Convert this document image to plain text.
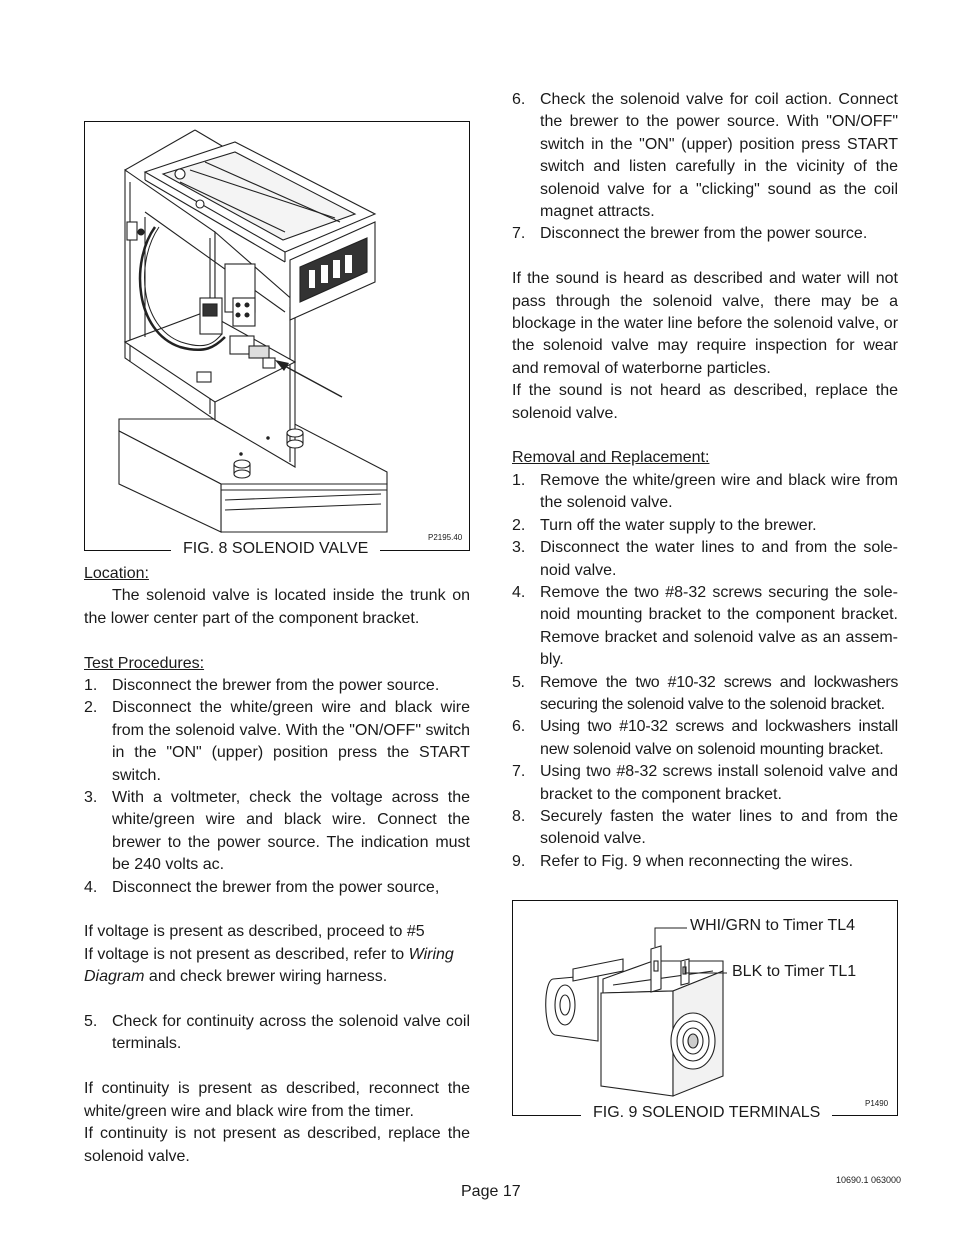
FIG. 8 SOLENOID VALVE
P2195.40
Location:
The solenoid valve is located inside the trunk on the lower center part of the component bracket.
Test Procedures:
1. Disconnect the brewer from the power source.
2. Disconnect the white/green wire and black wire from the solenoid valve. With the "ON/OFF" switch in the "ON" (upper) position press the START switch.
3. With a voltmeter, check the voltage across the white/green wire and black wire. Connect the brewer to the power source. The indication must be 240 volts ac.
4. Disconnect the brewer from the power source,
If voltage is present as described, proceed to #5
If voltage is not present as described, refer to Wiring Diagram and check brewer wiring harness.
5. Check for continuity across the solenoid valve coil terminals.
If continuity is present as described, reconnect the white/green wire and black wire from the timer.
If continuity is not present as described, replace the solenoid valve.
6. Check the solenoid valve for coil action. Connect the brewer to the power source. With "ON/OFF" switch in the "ON" (upper) position press START switch and listen carefully in the vicinity of the solenoid valve for a "clicking" sound as the coil magnet attracts.
7. Disconnect the brewer from the power source.
If the sound is heard as described and water will not pass through the solenoid valve, there may be a blockage in the water line before the solenoid valve, or the solenoid valve may require inspection for wear and removal of waterborne particles.
If the sound is not heard as described, replace the solenoid valve.
Removal and Replacement:
1. Remove the white/green wire and black wire from the solenoid valve.
2. Turn off the water supply to the brewer.
3. Disconnect the water lines to and from the sole-noid valve.
4. Remove the two #8-32 screws securing the sole-noid mounting bracket to the component bracket. Remove bracket and solenoid valve as an assem-bly.
5. Remove the two #10-32 screws and lockwashers securing the solenoid valve to the solenoid bracket.
6. Using two #10-32 screws and lockwashers install new solenoid valve on solenoid mounting bracket.
7. Using two #8-32 screws install solenoid valve and bracket to the component bracket.
8. Securely fasten the water lines to and from the solenoid valve.
9. Refer to Fig. 9 when reconnecting the wires.
WHI/GRN to Timer TL4
BLK to Timer TL1
FIG. 9 SOLENOID TERMINALS
P1490
Page 17
10690.1 063000
